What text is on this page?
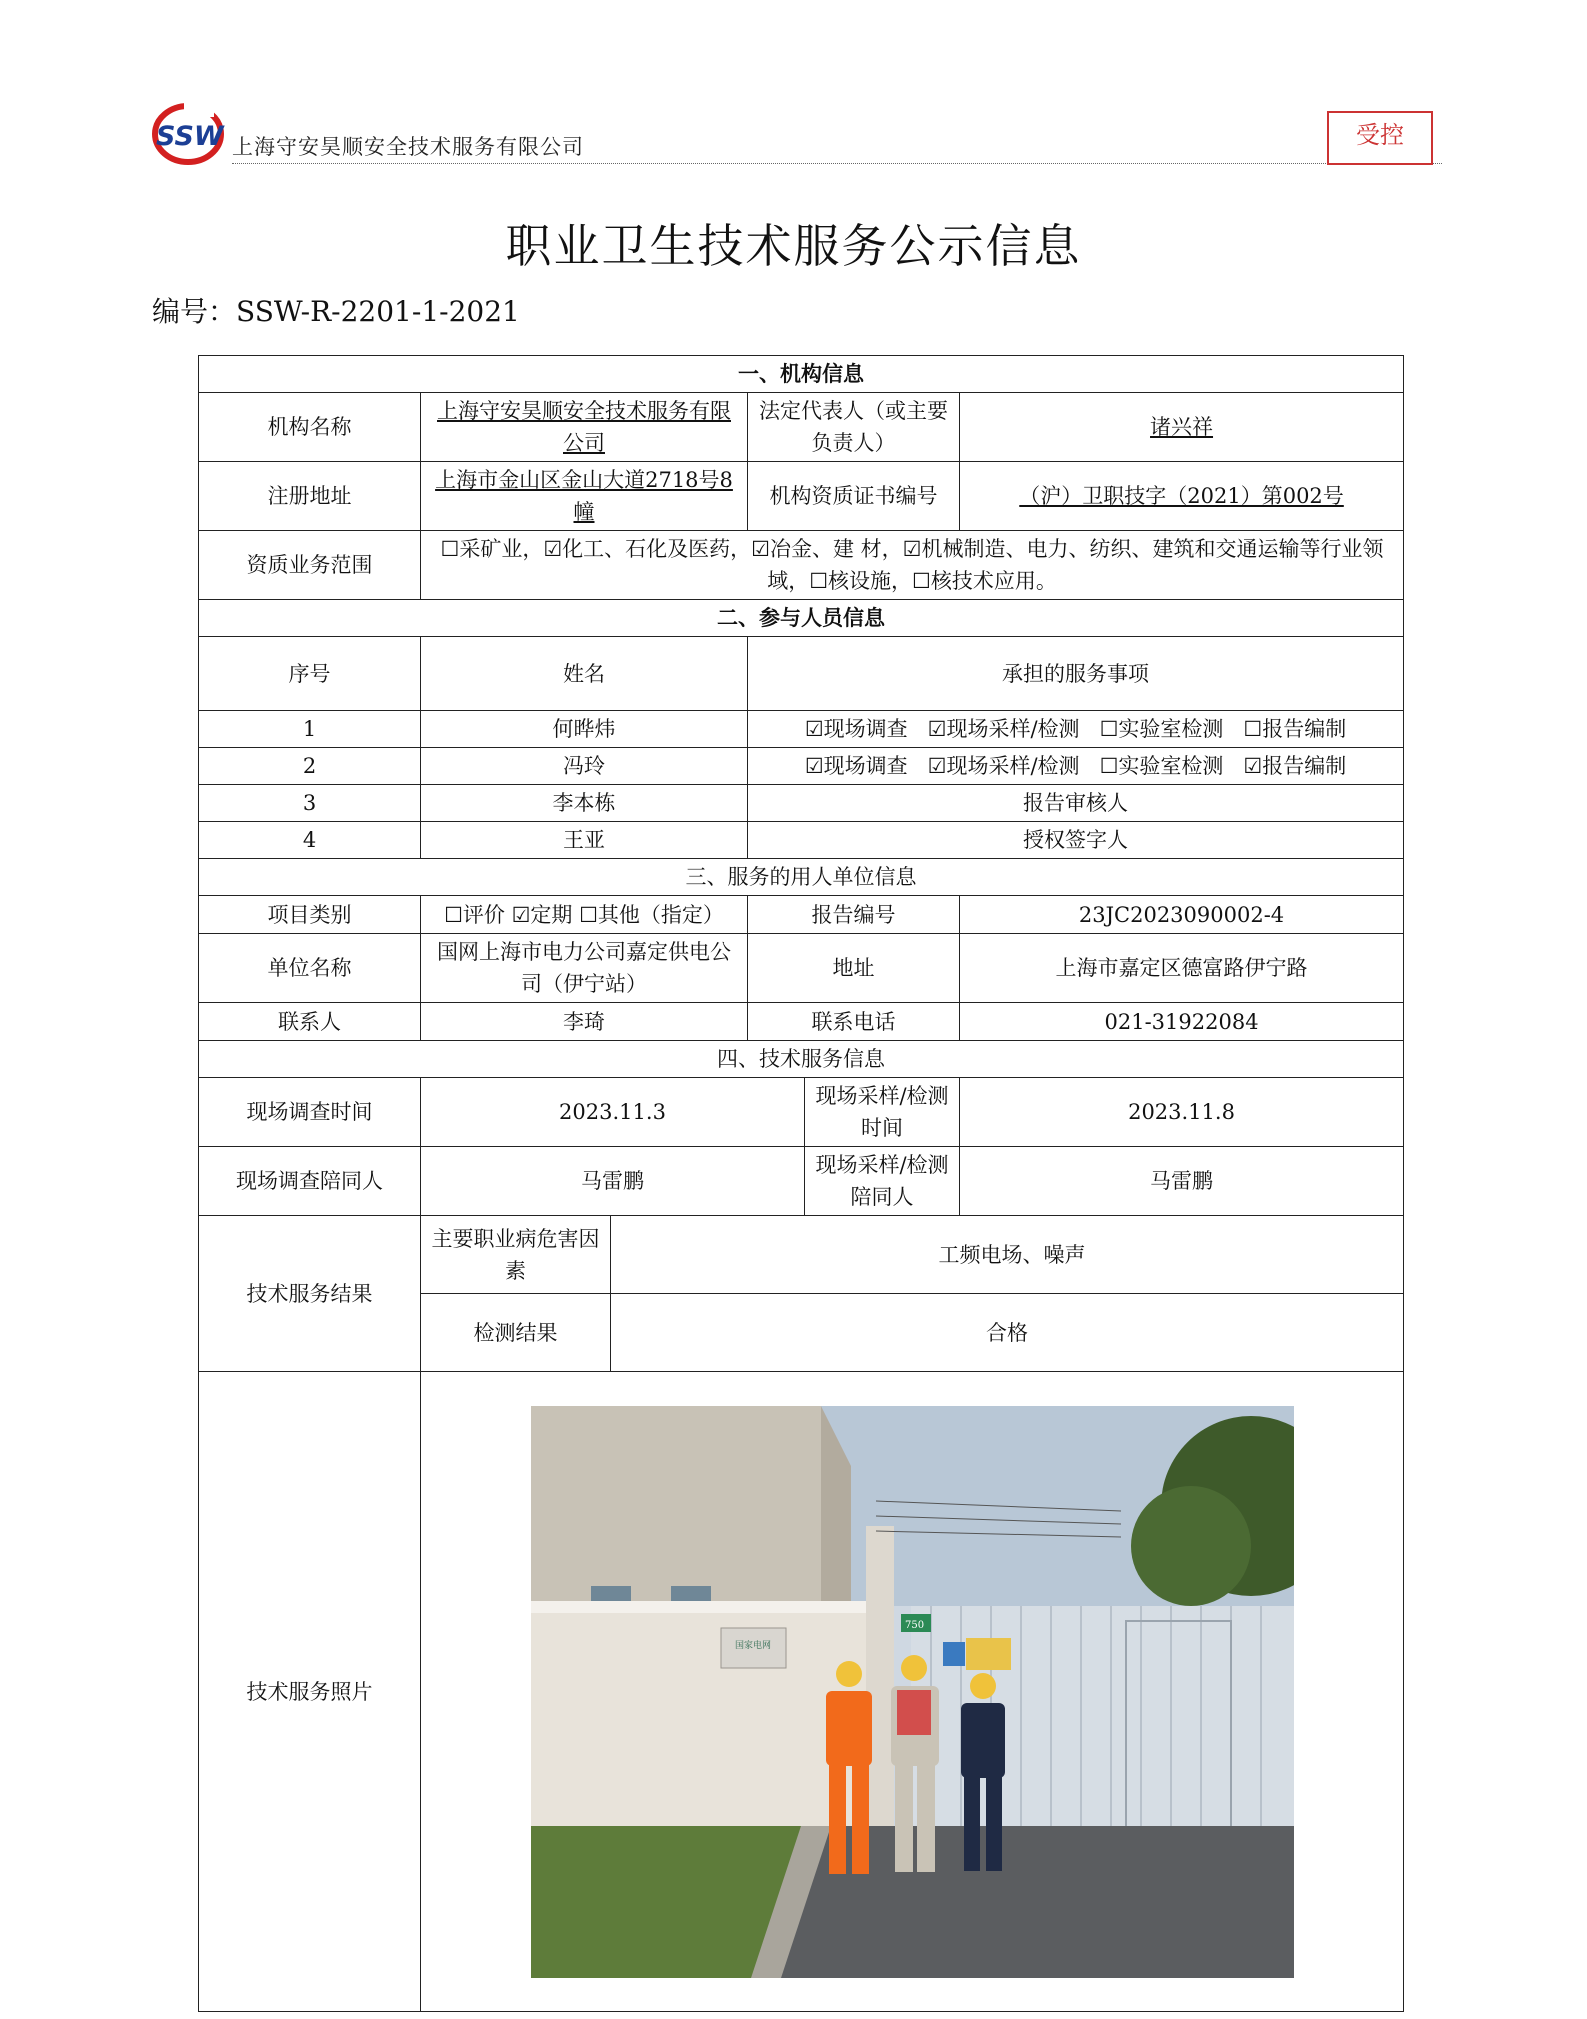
SSW 上海守安昊顺安全技术服务有限公司	受控
职业卫生技术服务公示信息
编号：SSW-R-2201-1-2021
一、机构信息					
机构名称	上海守安昊顺安全技术服务有限公司		法定代表人（或主要负责人）		诸兴祥
注册地址	上海市金山区金山大道2718号8幢		机构资质证书编号		（沪）卫职技字（2021）第002号
资质业务范围	☐采矿业，☑化工、石化及医药，☑冶金、建 材，☑机械制造、电力、纺织、建筑和交通运输等行业领域，☐核设施，☐核技术应用。				
二、参与人员信息					
序号	姓名		承担的服务事项		
1	何晔炜		☑现场调查 ☑现场采样/检测 ☐实验室检测 ☐报告编制		
2	冯玲		☑现场调查 ☑现场采样/检测 ☐实验室检测 ☑报告编制		
3	李本栋		报告审核人		
4	王亚		授权签字人		
三、服务的用人单位信息					
项目类别	☐评价 ☑定期 ☐其他（指定）		报告编号		23JC2023090002-4
单位名称	国网上海市电力公司嘉定供电公司（伊宁站）		地址		上海市嘉定区德富路伊宁路
联系人	李琦		联系电话		021-31922084
四、技术服务信息					
现场调查时间	2023.11.3			现场采样/检测时间	2023.11.8
现场调查陪同人	马雷鹏			现场采样/检测陪同人	马雷鹏
技术服务结果	主要职业病危害因素	工频电场、噪声			
	检测结果	合格			
技术服务照片	国家电网
750				
